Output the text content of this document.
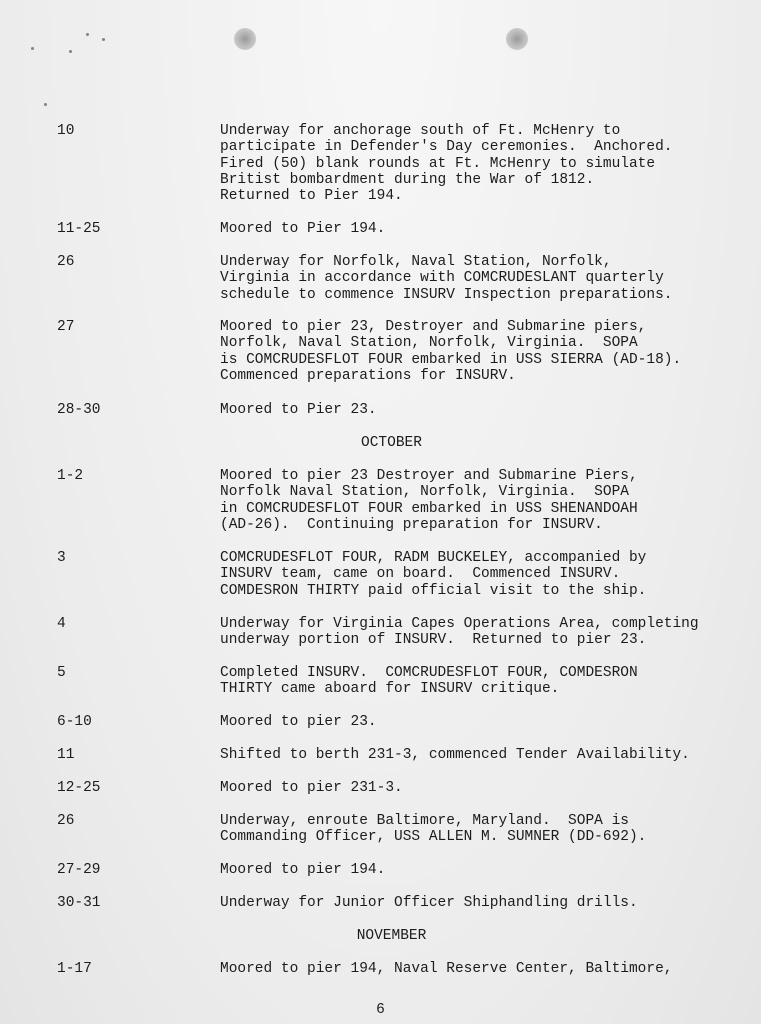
10	Underway for anchorage south of Ft. McHenry to
participate in Defender's Day ceremonies.  Anchored.
Fired (50) blank rounds at Ft. McHenry to simulate
Britist bombardment during the War of 1812.
Returned to Pier 194.
11-25	Moored to Pier 194.
26	Underway for Norfolk, Naval Station, Norfolk,
Virginia in accordance with COMCRUDESLANT quarterly
schedule to commence INSURV Inspection preparations.
27	Moored to pier 23, Destroyer and Submarine piers,
Norfolk, Naval Station, Norfolk, Virginia.  SOPA
is COMCRUDESFLOT FOUR embarked in USS SIERRA (AD-18).
Commenced preparations for INSURV.
28-30	Moored to Pier 23.
OCTOBER
1-2	Moored to pier 23 Destroyer and Submarine Piers,
Norfolk Naval Station, Norfolk, Virginia.  SOPA
in COMCRUDESFLOT FOUR embarked in USS SHENANDOAH
(AD-26).  Continuing preparation for INSURV.
3	COMCRUDESFLOT FOUR, RADM BUCKELEY, accompanied by
INSURV team, came on board.  Commenced INSURV.
COMDESRON THIRTY paid official visit to the ship.
4	Underway for Virginia Capes Operations Area, completing
underway portion of INSURV.  Returned to pier 23.
5	Completed INSURV.  COMCRUDESFLOT FOUR, COMDESRON
THIRTY came aboard for INSURV critique.
6-10	Moored to pier 23.
11	Shifted to berth 231-3, commenced Tender Availability.
12-25	Moored to pier 231-3.
26	Underway, enroute Baltimore, Maryland.  SOPA is
Commanding Officer, USS ALLEN M. SUMNER (DD-692).
27-29	Moored to pier 194.
30-31	Underway for Junior Officer Shiphandling drills.
NOVEMBER
1-17	Moored to pier 194, Naval Reserve Center, Baltimore,
6
